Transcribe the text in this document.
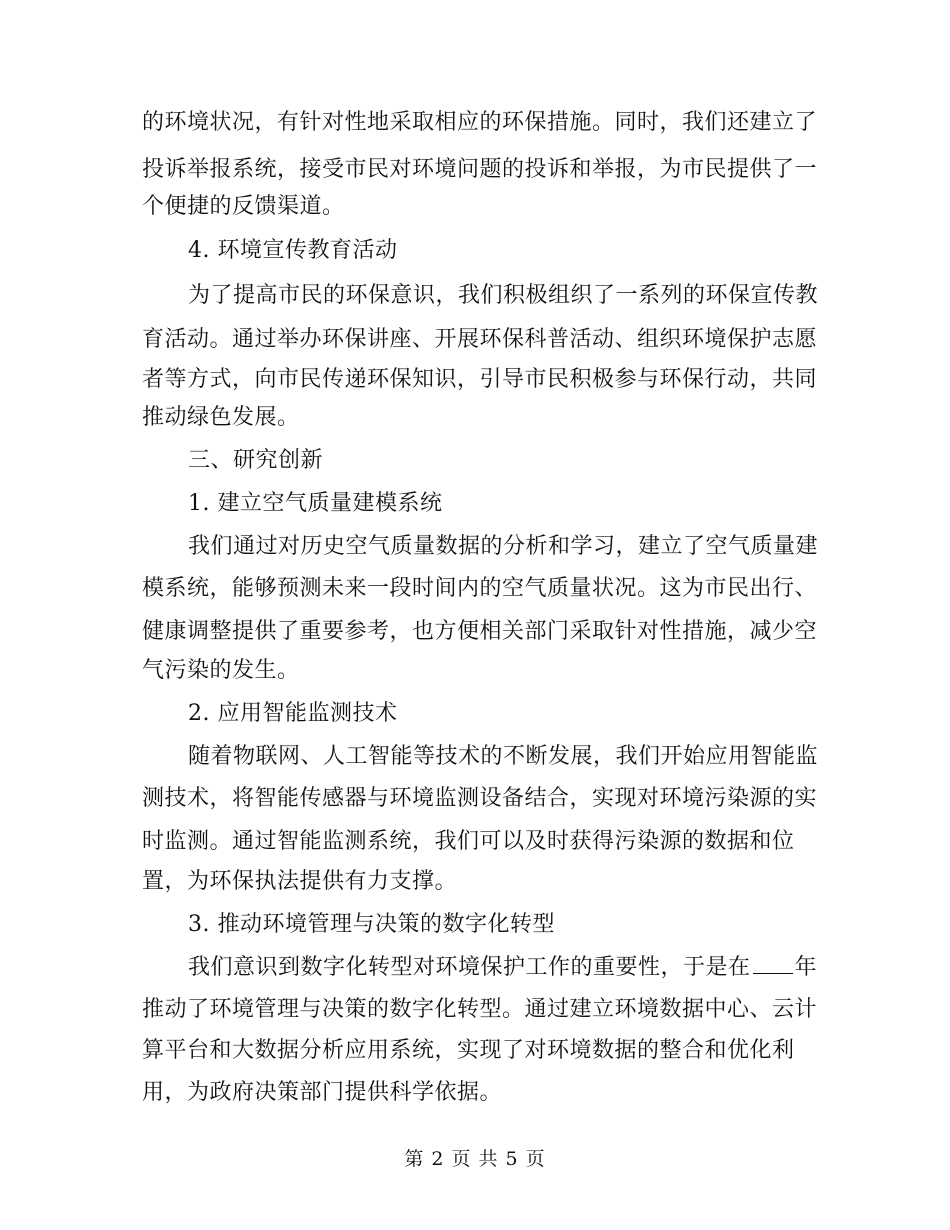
的环境状况，有针对性地采取相应的环保措施。同时，我们还建立了
投诉举报系统，接受市民对环境问题的投诉和举报，为市民提供了一
个便捷的反馈渠道。
4. 环境宣传教育活动
为了提高市民的环保意识，我们积极组织了一系列的环保宣传教
育活动。通过举办环保讲座、开展环保科普活动、组织环境保护志愿
者等方式，向市民传递环保知识，引导市民积极参与环保行动，共同
推动绿色发展。
三、研究创新
1. 建立空气质量建模系统
我们通过对历史空气质量数据的分析和学习，建立了空气质量建
模系统，能够预测未来一段时间内的空气质量状况。这为市民出行、
健康调整提供了重要参考，也方便相关部门采取针对性措施，减少空
气污染的发生。
2. 应用智能监测技术
随着物联网、人工智能等技术的不断发展，我们开始应用智能监
测技术，将智能传感器与环境监测设备结合，实现对环境污染源的实
时监测。通过智能监测系统，我们可以及时获得污染源的数据和位
置，为环保执法提供有力支撑。
3. 推动环境管理与决策的数字化转型
我们意识到数字化转型对环境保护工作的重要性，于是在 年
推动了环境管理与决策的数字化转型。通过建立环境数据中心、云计
算平台和大数据分析应用系统，实现了对环境数据的整合和优化利
用，为政府决策部门提供科学依据。
第 2 页 共 5 页
